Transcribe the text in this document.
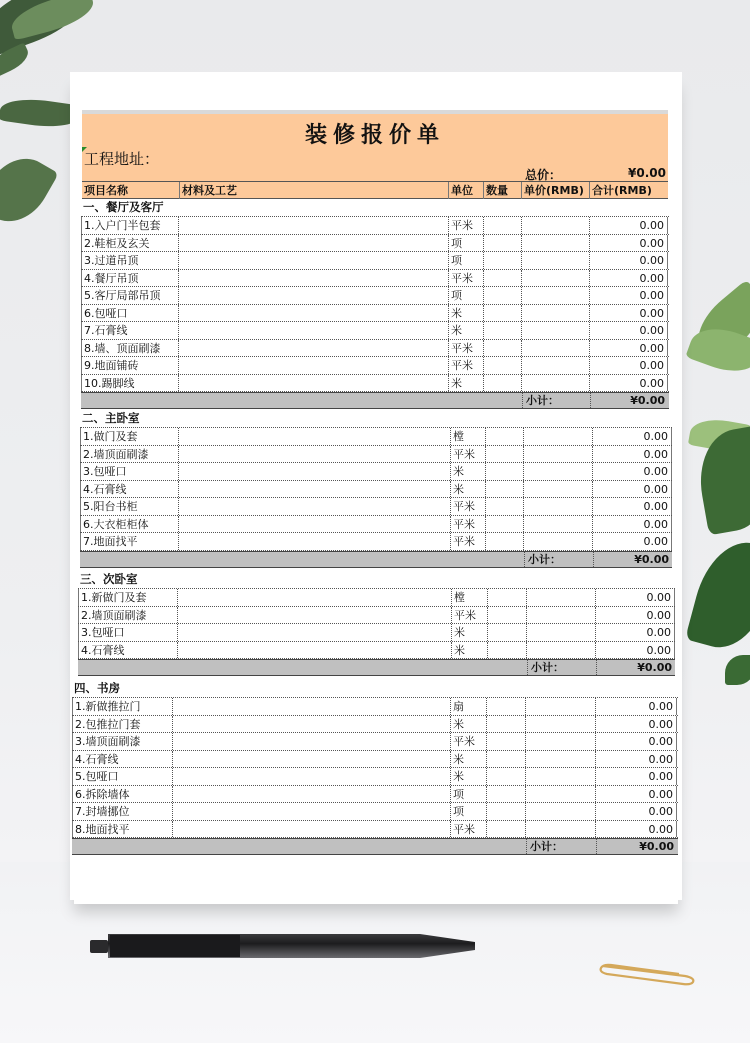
装修报价单
工程地址：
总价：	¥0.00
项目名称	材料及工艺	单位	数量	单价(RMB) 合计(RMB)
一、餐厅及客厅
1.入户门半包套	平米	0.00
2.鞋柜及玄关	项	0.00
3.过道吊顶	项	0.00
4.餐厅吊顶	平米	0.00
5.客厅局部吊顶	项	0.00
6.包哑口	米	0.00
7.石膏线	米	0.00
8.墙、顶面刷漆	平米	0.00
9.地面铺砖	平米	0.00
10.踢脚线	米	0.00
小计：	¥0.00
二、主卧室
1.做门及套	樘	0.00
2.墙顶面刷漆	平米	0.00
3.包哑口	米	0.00
4.石膏线	米	0.00
5.阳台书柜	平米	0.00
6.大衣柜柜体	平米	0.00
7.地面找平	平米	0.00
小计：	¥0.00
三、次卧室
1.新做门及套	樘	0.00
2.墙顶面刷漆	平米	0.00
3.包哑口	米	0.00
4.石膏线	米	0.00
小计：	¥0.00
四、书房
1.新做推拉门	扇	0.00
2.包推拉门套	米	0.00
3.墙顶面刷漆	平米	0.00
4.石膏线	米	0.00
5.包哑口	米	0.00
6.拆除墙体	项	0.00
7.封墙挪位	项	0.00
8.地面找平	平米	0.00
小计：	¥0.00
